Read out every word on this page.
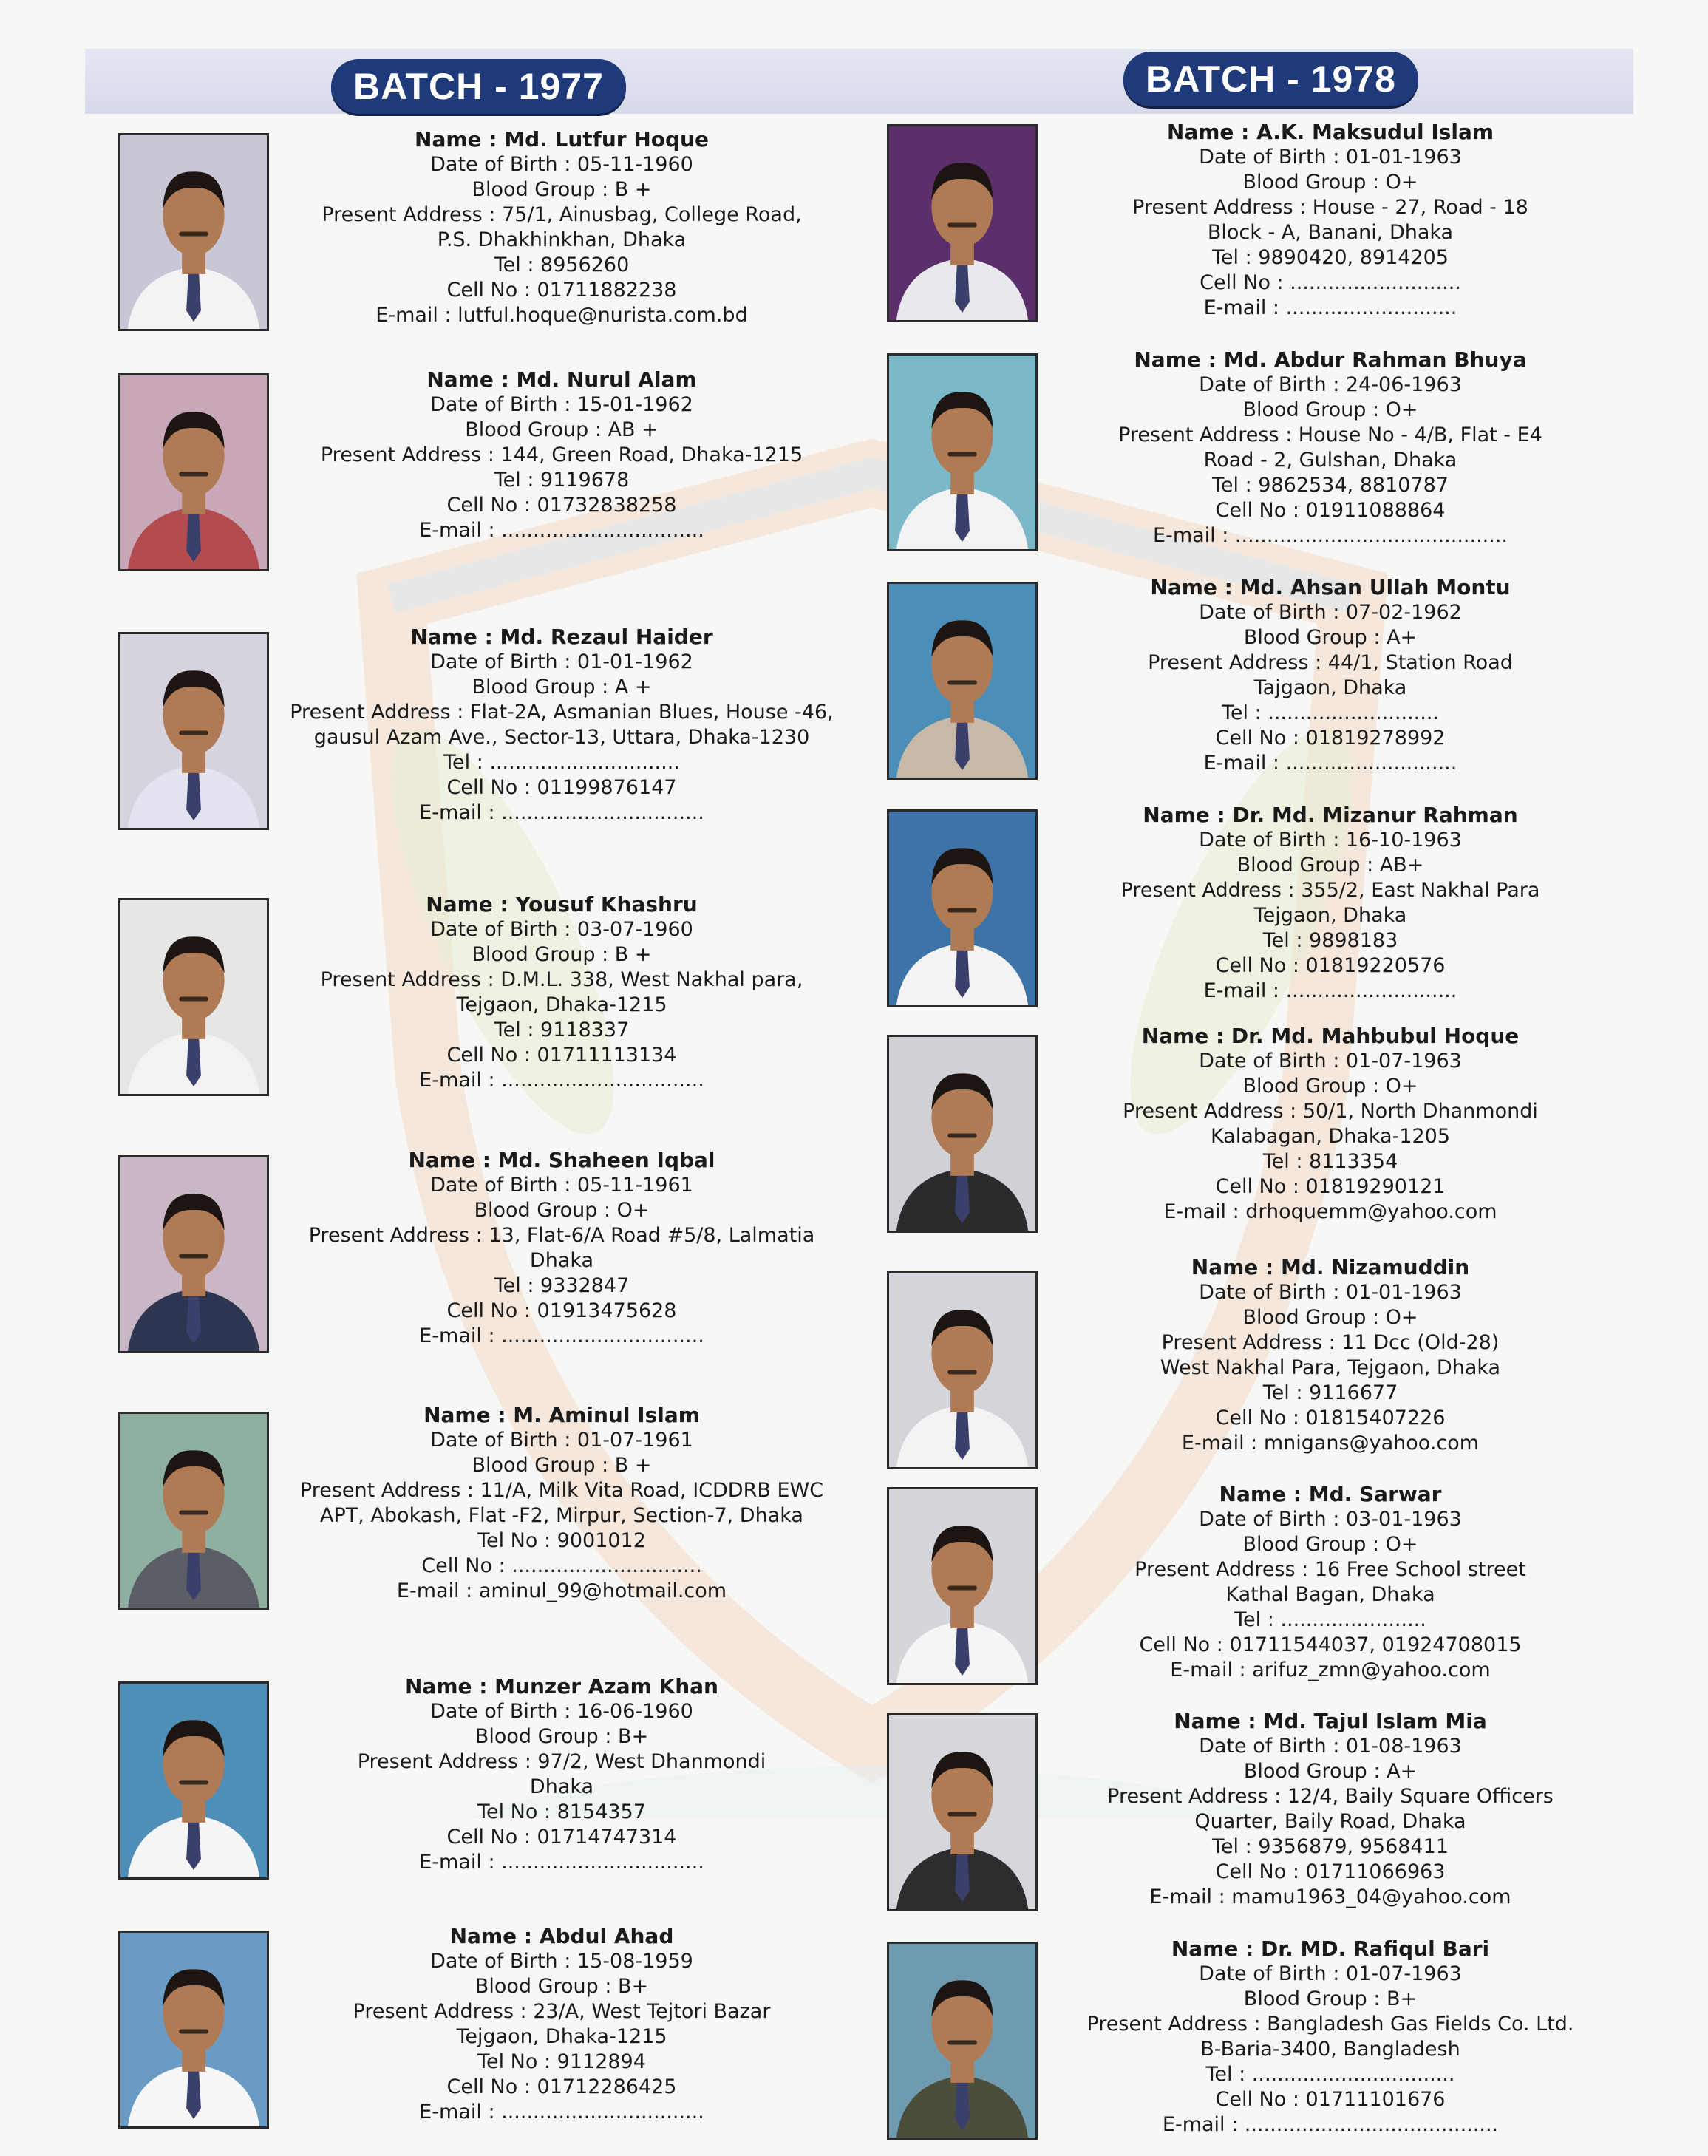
BATCH - 1977	BATCH - 1978
Name : Md. Lutfur Hoque
Date of Birth : 05-11-1960
Blood Group : B +
Present Address : 75/1, Ainusbag, College Road,
P.S. Dhakhinkhan, Dhaka
Tel : 8956260
Cell No : 01711882238
E-mail : lutful.hoque@nurista.com.bd
Name : Md. Nurul Alam
Date of Birth : 15-01-1962
Blood Group : AB +
Present Address : 144, Green Road, Dhaka-1215
Tel : 9119678
Cell No : 01732838258
E-mail : ................................
Name : Md. Rezaul Haider
Date of Birth : 01-01-1962
Blood Group : A +
Present Address : Flat-2A, Asmanian Blues, House -46,
gausul Azam Ave., Sector-13, Uttara, Dhaka-1230
Tel : ..............................
Cell No : 01199876147
E-mail : ................................
Name : Yousuf Khashru
Date of Birth : 03-07-1960
Blood Group : B +
Present Address : D.M.L. 338, West Nakhal para,
Tejgaon, Dhaka-1215
Tel : 9118337
Cell No : 01711113134
E-mail : ................................
Name : Md. Shaheen Iqbal
Date of Birth : 05-11-1961
Blood Group : O+
Present Address : 13, Flat-6/A Road #5/8, Lalmatia
Dhaka
Tel : 9332847
Cell No : 01913475628
E-mail : ................................
Name : M. Aminul Islam
Date of Birth : 01-07-1961
Blood Group : B +
Present Address : 11/A, Milk Vita Road, ICDDRB EWC
APT, Abokash, Flat -F2, Mirpur, Section-7, Dhaka
Tel No : 9001012
Cell No : ..............................
E-mail : aminul_99@hotmail.com
Name : Munzer Azam Khan
Date of Birth : 16-06-1960
Blood Group : B+
Present Address : 97/2, West Dhanmondi
Dhaka
Tel No : 8154357
Cell No : 01714747314
E-mail : ................................
Name : Abdul Ahad
Date of Birth : 15-08-1959
Blood Group : B+
Present Address : 23/A, West Tejtori Bazar
Tejgaon, Dhaka-1215
Tel No : 9112894
Cell No : 01712286425
E-mail : ................................
Name : A.K. Maksudul Islam
Date of Birth : 01-01-1963
Blood Group : O+
Present Address : House - 27, Road - 18
Block - A, Banani, Dhaka
Tel : 9890420, 8914205
Cell No : ...........................
E-mail : ...........................
Name : Md. Abdur Rahman Bhuya
Date of Birth : 24-06-1963
Blood Group : O+
Present Address : House No - 4/B, Flat - E4
Road - 2, Gulshan, Dhaka
Tel : 9862534, 8810787
Cell No : 01911088864
E-mail : ...........................................
Name : Md. Ahsan Ullah Montu
Date of Birth : 07-02-1962
Blood Group : A+
Present Address : 44/1, Station Road
Tajgaon, Dhaka
Tel : ...........................
Cell No : 01819278992
E-mail : ...........................
Name : Dr. Md. Mizanur Rahman
Date of Birth : 16-10-1963
Blood Group : AB+
Present Address : 355/2, East Nakhal Para
Tejgaon, Dhaka
Tel : 9898183
Cell No : 01819220576
E-mail : ...........................
Name : Dr. Md. Mahbubul Hoque
Date of Birth : 01-07-1963
Blood Group : O+
Present Address : 50/1, North Dhanmondi
Kalabagan, Dhaka-1205
Tel : 8113354
Cell No : 01819290121
E-mail : drhoquemm@yahoo.com
Name : Md. Nizamuddin
Date of Birth : 01-01-1963
Blood Group : O+
Present Address : 11 Dcc (Old-28)
West Nakhal Para, Tejgaon, Dhaka
Tel : 9116677
Cell No : 01815407226
E-mail : mnigans@yahoo.com
Name : Md. Sarwar
Date of Birth : 03-01-1963
Blood Group : O+
Present Address : 16 Free School street
Kathal Bagan, Dhaka
Tel : .......................
Cell No : 01711544037, 01924708015
E-mail : arifuz_zmn@yahoo.com
Name : Md. Tajul Islam Mia
Date of Birth : 01-08-1963
Blood Group : A+
Present Address : 12/4, Baily Square Officers
Quarter, Baily Road, Dhaka
Tel : 9356879, 9568411
Cell No : 01711066963
E-mail : mamu1963_04@yahoo.com
Name : Dr. MD. Rafiqul Bari
Date of Birth : 01-07-1963
Blood Group : B+
Present Address : Bangladesh Gas Fields Co. Ltd.
B-Baria-3400, Bangladesh
Tel : ................................
Cell No : 01711101676
E-mail : ........................................
